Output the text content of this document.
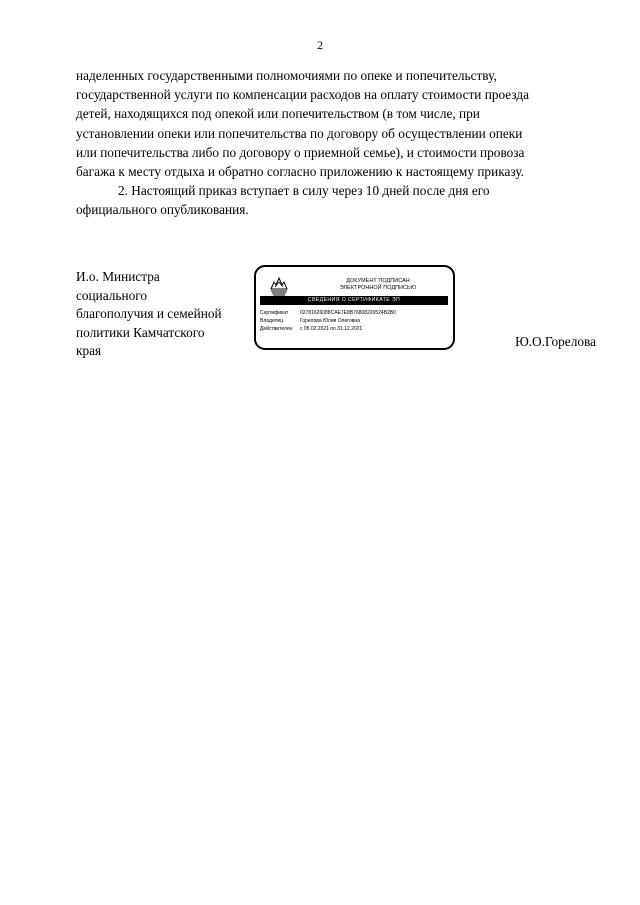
2
наделенных государственными полномочиями по опеке и попечительству,
государственной услуги по компенсации расходов на оплату стоимости проезда
детей, находящихся под опекой или попечительством (в том числе, при
установлении опеки или попечительства по договору об осуществлении опеки
или попечительства либо по договору о приемной семье), и стоимости провоза
багажа к месту отдыха и обратно согласно приложению к настоящему приказу.
2. Настоящий приказ вступает в силу через 10 дней после дня его
официального опубликования.
И.о. Министра
социального
благополучия и семейной
политики Камчатского
края
ДОКУМЕНТ ПОДПИСАН
ЭЛЕКТРОННОЙ ПОДПИСЬЮ
СВЕДЕНИЯ О СЕРТИФИКАТЕ ЭП
Сертификат	02781626088CAE7E8B76808220524B2B0
Владелец	Горелова Юлия Олеговна
Действителен	с 05.02.2021 по 31.12.2021
Ю.О.Горелова
